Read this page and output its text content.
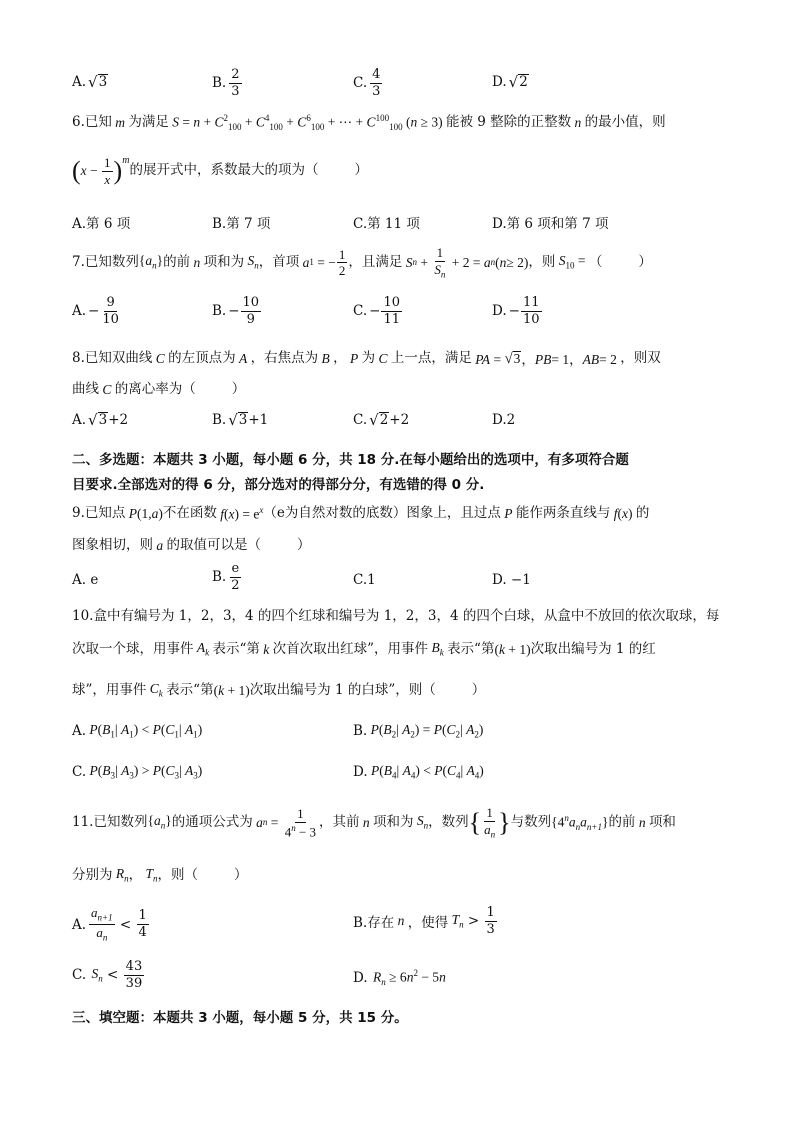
A. √ 3	B. $\frac{2}{3}$	C. $\frac{4}{3}$	D. √ 2
6.已知 m 为满足 $S = n + C^2_{100} + C^4_{100} + C^6_{100}$ + ⋯ + $C^{100}_{100}$ (n ≥ 3) 能被 9 整除的正整数 n 的最小值，则
( $x - \frac{1}{x} )^m$
的展开式中，系数最大的项为（	）
A.第 6 项	B.第 7 项	C.第 11 项	D.第 6 项和第 7 项
7.已知数列 $\{a_n\}$ 的前 n 项和为 $S_n$ ，首项 a 1 = − $\frac{1}{2}$ ，且满足 S $n + \frac{1}{S_n} + 2 = a$ n ( n ≥ 2) ，则 $S_{10}$ = （	）
A. − $\frac{9}{10}$	B. − $\frac{10}{9}$	C. − $\frac{10}{11}$	D. − $\frac{11}{10}$
8.已知双曲线 C 的左顶点为 A ，右焦点为 B ， P 为 C 上一点，满足 PA = √ 3 ， PB = 1， AB = 2 ，则双
曲线 C 的离心率为（	）
A. √ 3 +2	B. √ 3 +1	C. √ 2 +2	D.2
二、多选题：本题共 3 小题，每小题 6 分，共 18 分.在每小题给出的选项中，有多项符合题
目要求.全部选对的得 6 分，部分选对的得部分分，有选错的得 0 分.
9.已知点 P(1,a) 不在函数 $f(x) = e^x$ （ e 为自然对数的底数）图象上，且过点 P 能作两条直线与 f(x) 的
图象相切，则 a 的取值可以是（	）
A. e	B. $\frac{e}{2}$	C.1	D. −1
10.盒中有编号为 1，2，3，4 的四个红球和编号为 1，2，3，4 的四个白球，从盒中不放回的依次取球，每
次取一个球，用事件 $A_k$ 表示“第 k 次首次取出红球”，用事件 $B_k$ 表示“第 (k + 1) 次取出编号为 1 的红
球”，用事件 $C_k$ 表示“第 (k + 1) 次取出编号为 1 的白球”，则（	）
A. $P(B_1|$ $A_1) < P(C_1|$ $A_1$)	B. $P(B_2|$ $A_2) = P(C_2|$ $A_2$)
C. $P(B_3|$ $A_3) > P(C_3|$ $A_3$)	D. $P(B_4|$ $A_4) < P(C_4|$ $A_4$)
11.已知数列 $\{a_n\}$ 的通项公式为 a $n = \frac{1}{4^n - 3}$ ，其前 n 项和为 $S_n$ ，数列 { $\frac{1}{a_n}$ } 与数列 $\{4^na_na_{n+1}\}$ 的前 n 项和
分别为 $R_n$ ， $T_n$ ，则（	）
A. $\frac{a_{n+1}}{a_n} < \frac{1}{4}$	B.存在 n ，使得 $T_n > \frac{1}{3}$
C. $S_n < \frac{43}{39}$	D. $R_n \ge 6n^2 - 5n$
三、填空题：本题共 3 小题，每小题 5 分，共 15 分。
